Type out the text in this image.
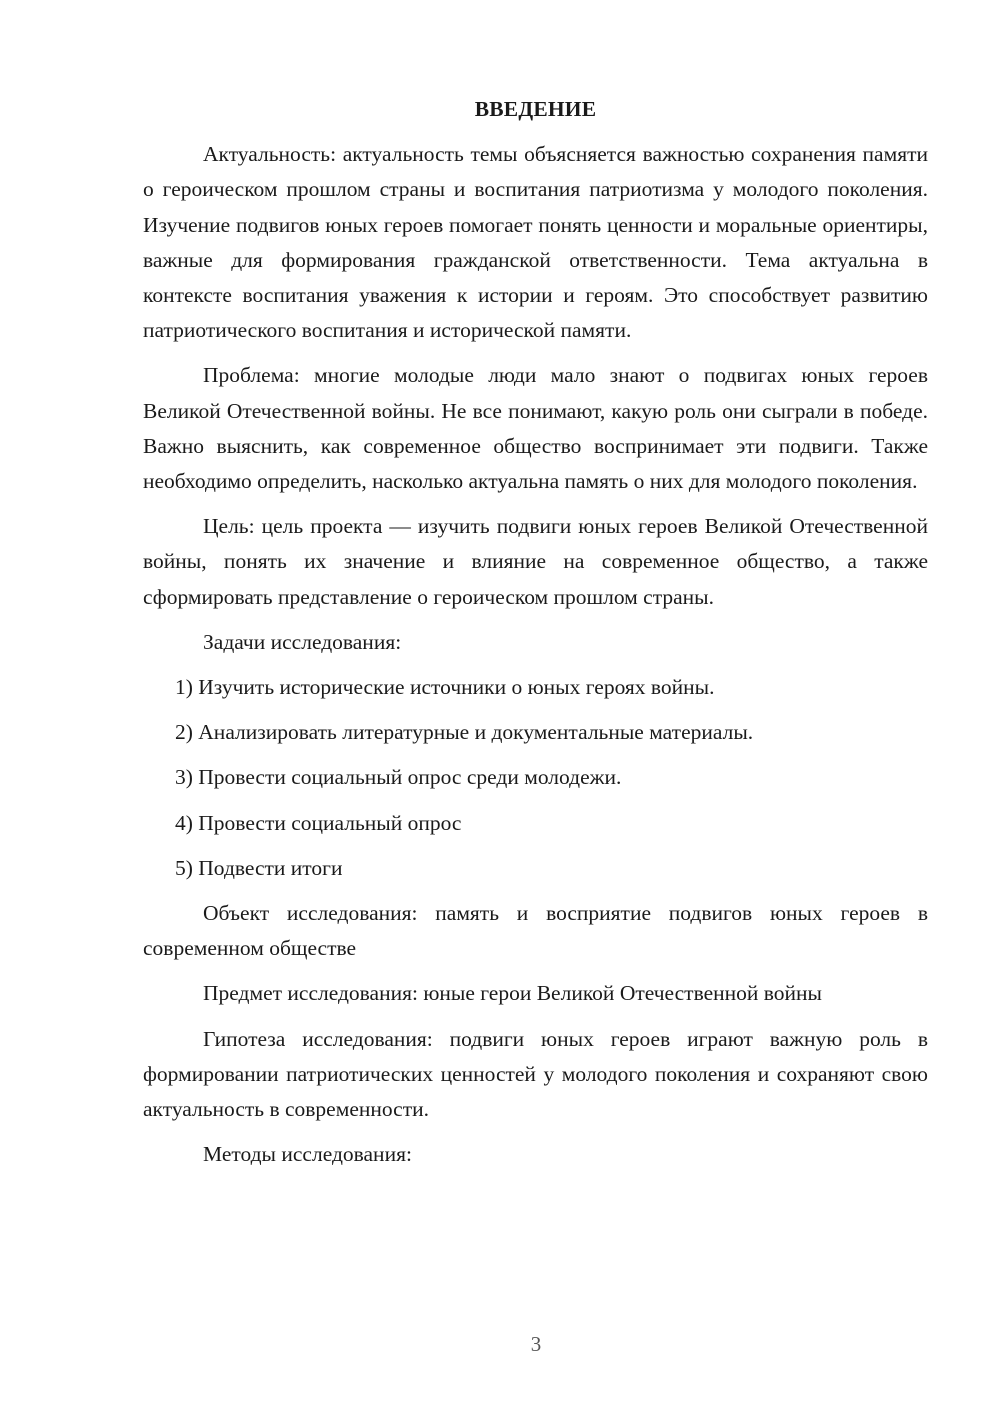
ВВЕДЕНИЕ

Актуальность: актуальность темы объясняется важностью сохранения памяти о героическом прошлом страны и воспитания патриотизма у молодого поколения. Изучение подвигов юных героев помогает понять ценности и моральные ориентиры, важные для формирования гражданской ответственности. Тема актуальна в контексте воспитания уважения к истории и героям. Это способствует развитию патриотического воспитания и исторической памяти.

Проблема: многие молодые люди мало знают о подвигах юных героев Великой Отечественной войны. Не все понимают, какую роль они сыграли в победе. Важно выяснить, как современное общество воспринимает эти подвиги. Также необходимо определить, насколько актуальна память о них для молодого поколения.

Цель: цель проекта — изучить подвиги юных героев Великой Отечественной войны, понять их значение и влияние на современное общество, а также сформировать представление о героическом прошлом страны.

Задачи исследования:

1) Изучить исторические источники о юных героях войны.

2) Анализировать литературные и документальные материалы.

3) Провести социальный опрос среди молодежи.

4) Провести социальный опрос

5) Подвести итоги

Объект исследования: память и восприятие подвигов юных героев в современном обществе

Предмет исследования: юные герои Великой Отечественной войны

Гипотеза исследования: подвиги юных героев играют важную роль в формировании патриотических ценностей у молодого поколения и сохраняют свою актуальность в современности.

Методы исследования:

3
